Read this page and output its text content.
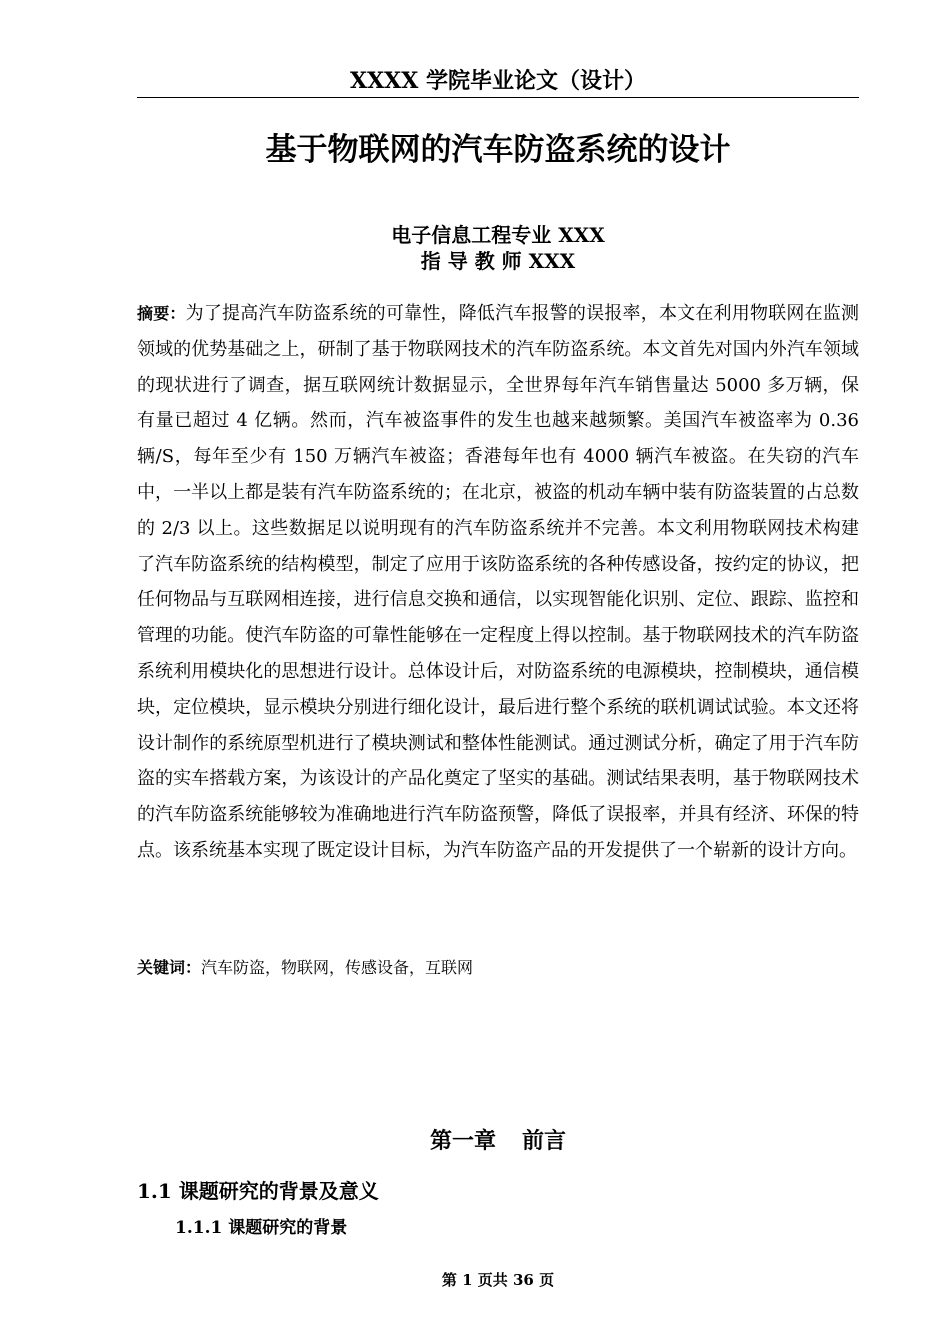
XXXX 学院毕业论文（设计）
基于物联网的汽车防盗系统的设计
电子信息工程专业 XXX
指 导 教 师 XXX
摘要：为了提高汽车防盗系统的可靠性，降低汽车报警的误报率，本文在利用物联网在监测领域的优势基础之上，研制了基于物联网技术的汽车防盗系统。本文首先对国内外汽车领域的现状进行了调查，据互联网统计数据显示，全世界每年汽车销售量达 5000 多万辆，保有量已超过 4 亿辆。然而，汽车被盗事件的发生也越来越频繁。美国汽车被盗率为 0.36 辆/S，每年至少有 150 万辆汽车被盗；香港每年也有 4000 辆汽车被盗。在失窃的汽车中，一半以上都是装有汽车防盗系统的；在北京，被盗的机动车辆中装有防盗装置的占总数的 2/3 以上。这些数据足以说明现有的汽车防盗系统并不完善。本文利用物联网技术构建了汽车防盗系统的结构模型，制定了应用于该防盗系统的各种传感设备，按约定的协议，把任何物品与互联网相连接，进行信息交换和通信，以实现智能化识别、定位、跟踪、监控和管理的功能。使汽车防盗的可靠性能够在一定程度上得以控制。基于物联网技术的汽车防盗系统利用模块化的思想进行设计。总体设计后，对防盗系统的电源模块，控制模块，通信模块，定位模块，显示模块分别进行细化设计，最后进行整个系统的联机调试试验。本文还将设计制作的系统原型机进行了模块测试和整体性能测试。通过测试分析，确定了用于汽车防盗的实车搭载方案，为该设计的产品化奠定了坚实的基础。测试结果表明，基于物联网技术的汽车防盗系统能够较为准确地进行汽车防盗预警，降低了误报率，并具有经济、环保的特点。该系统基本实现了既定设计目标，为汽车防盗产品的开发提供了一个崭新的设计方向。
关键词：汽车防盗，物联网，传感设备，互联网
第一章 前言
1.1 课题研究的背景及意义
1.1.1 课题研究的背景
第 1 页共 36 页
